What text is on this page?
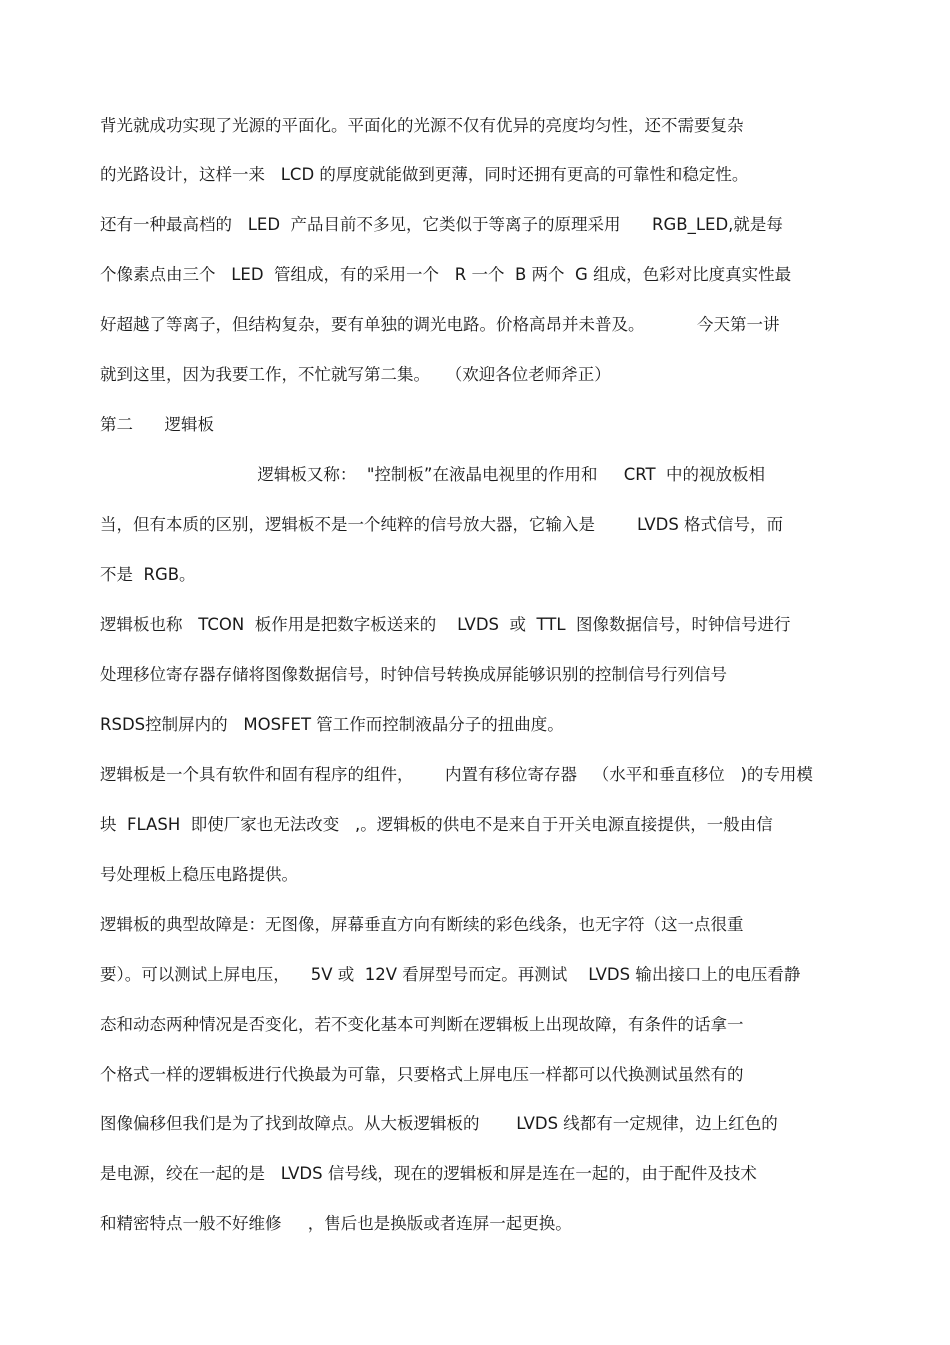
背光就成功实现了光源的平面化。平面化的光源不仅有优异的亮度均匀性，还不需要复杂
的光路设计，这样一来   LCD 的厚度就能做到更薄，同时还拥有更高的可靠性和稳定性。
还有一种最高档的   LED  产品目前不多见，它类似于等离子的原理采用      RGB_LED,就是每
个像素点由三个   LED  管组成，有的采用一个   R 一个  B 两个  G 组成，色彩对比度真实性最
好超越了等离子，但结构复杂，要有单独的调光电路。价格高昂并未普及。          今天第一讲
就到这里，因为我要工作，不忙就写第二集。   （欢迎各位老师斧正）
第二      逻辑板
逻辑板又称：  "控制板”在液晶电视里的作用和     CRT  中的视放板相
当，但有本质的区别，逻辑板不是一个纯粹的信号放大器，它输入是        LVDS 格式信号，而
不是  RGB。
逻辑板也称   TCON  板作用是把数字板送来的    LVDS  或  TTL  图像数据信号，时钟信号进行
处理移位寄存器存储将图像数据信号，时钟信号转换成屏能够识别的控制信号行列信号
RSDS控制屏内的   MOSFET 管工作而控制液晶分子的扭曲度。
逻辑板是一个具有软件和固有程序的组件，      内置有移位寄存器   （水平和垂直移位   )的专用模
块  FLASH  即使厂家也无法改变   ,。逻辑板的供电不是来自于开关电源直接提供，一般由信
号处理板上稳压电路提供。
逻辑板的典型故障是：无图像，屏幕垂直方向有断续的彩色线条，也无字符（这一点很重
要）。可以测试上屏电压，    5V 或  12V 看屏型号而定。再测试    LVDS 输出接口上的电压看静
态和动态两种情况是否变化，若不变化基本可判断在逻辑板上出现故障，有条件的话拿一
个格式一样的逻辑板进行代换最为可靠，只要格式上屏电压一样都可以代换测试虽然有的
图像偏移但我们是为了找到故障点。从大板逻辑板的       LVDS 线都有一定规律，边上红色的
是电源，绞在一起的是   LVDS 信号线，现在的逻辑板和屏是连在一起的，由于配件及技术
和精密特点一般不好维修     ，售后也是换版或者连屏一起更换。
